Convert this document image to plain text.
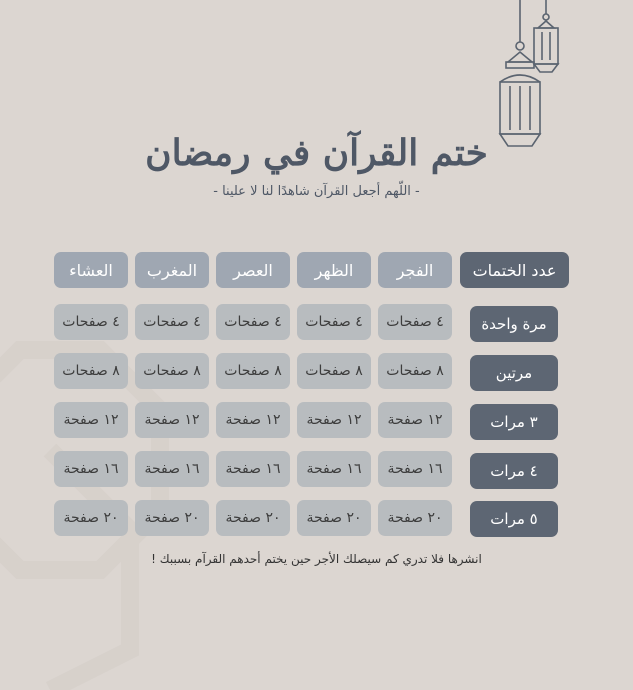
ختم القرآن في رمضان
- اللّهم أجعل القرآن شاهدًا لنا لا علينا -
عدد الختمات
الفجر
الظهر
العصر
المغرب
العشاء
مرة واحدة
٤ صفحات
٤ صفحات
٤ صفحات
٤ صفحات
٤ صفحات
مرتين
٨ صفحات
٨ صفحات
٨ صفحات
٨ صفحات
٨ صفحات
٣ مرات
١٢ صفحة
١٢ صفحة
١٢ صفحة
١٢ صفحة
١٢ صفحة
٤ مرات
١٦ صفحة
١٦ صفحة
١٦ صفحة
١٦ صفحة
١٦ صفحة
٥ مرات
٢٠ صفحة
٢٠ صفحة
٢٠ صفحة
٢٠ صفحة
٢٠ صفحة
انشرها فلا تدري كم سيصلك الأجر حين يختم أحدهم القرآم بسببك !
